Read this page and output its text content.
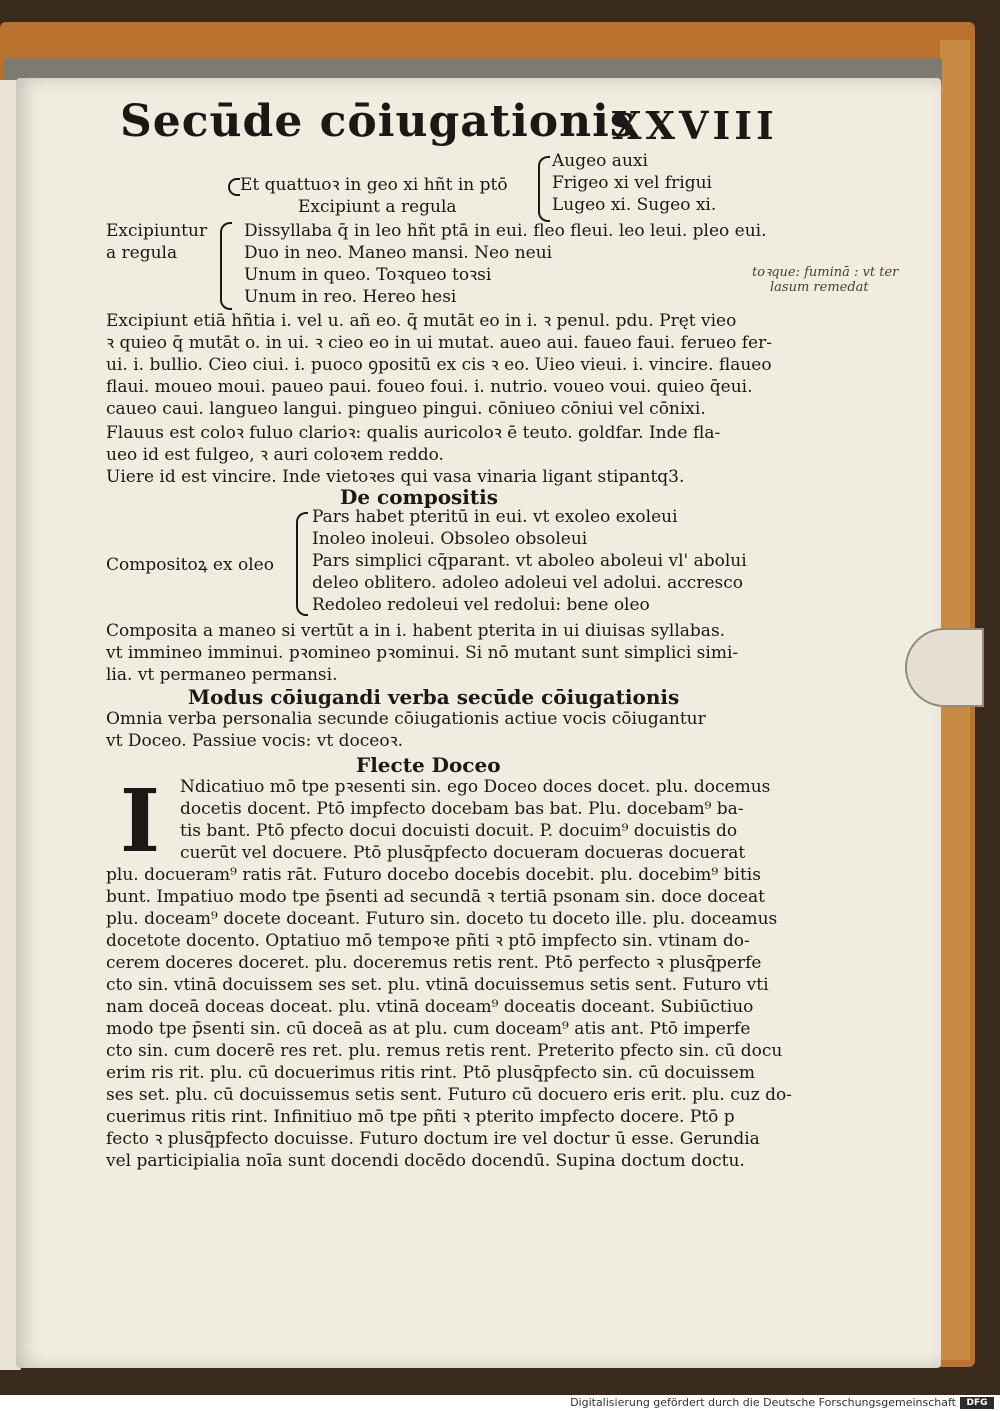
Secūde cōiugationis
XXVIII
Augeo auxi
Frigeo xi vel frigui
Lugeo xi. Sugeo xi.
Et quattuoꝛ in geo xi hñt in ptō
Excipiunt a regula
Excipiuntur
a regula
Dissyllaba q̄ in leo hñt ptā in eui. fleo fleui. leo leui. pleo eui.
Duo in neo. Maneo mansi. Neo neui
Unum in queo. Toꝛqueo toꝛsi
Unum in reo. Hereo hesi
toꝛque: fuminā : vt ter
lasum remedat
Excipiunt etiā hñtia i. vel u. añ eo. q̄ mutāt eo in i. ꝛ penul. pdu. Pręt vieo
ꝛ quieo q̄ mutāt o. in ui. ꝛ cieo eo in ui mutat. aueo aui. faueo faui. ferueo fer-
ui. i. bullio. Cieo ciui. i. puoco ꝯpositū ex cis ꝛ eo. Uieo vieui. i. vincire. flaueo
flaui. moueo moui. paueo paui. foueo foui. i. nutrio. voueo voui. quieo q̄eui.
caueo caui. langueo langui. pingueo pingui. cōniueo cōniui vel cōnixi.
Flauus est coloꝛ fuluo clarioꝛ: qualis auricoloꝛ ē teuto. goldfar. Inde fla-
ueo id est fulgeo, ꝛ auri coloꝛem reddo.
Uiere id est vincire. Inde vietoꝛes qui vasa vinaria ligant stipantq3.
De compositis
Compositoꝝ ex oleo
Pars habet pteritū in eui. vt exoleo exoleui
Inoleo inoleui. Obsoleo obsoleui
Pars simplici cq̄parant. vt aboleo aboleui vl' abolui
deleo oblitero. adoleo adoleui vel adolui. accresco
Redoleo redoleui vel redolui: bene oleo
Composita a maneo si vertūt a in i. habent pterita in ui diuisas syllabas.
vt immineo imminui. pꝛomineo pꝛominui. Si nō mutant sunt simplici simi-
lia. vt permaneo permansi.
Modus cōiugandi verba secūde cōiugationis
Omnia verba personalia secunde cōiugationis actiue vocis cōiugantur
vt Doceo. Passiue vocis: vt doceoꝛ.
Flecte Doceo
I	Ndicatiuo mō tpe pꝛesenti sin. ego Doceo doces docet. plu. docemus
docetis docent. Ptō impfecto docebam bas bat. Plu. docebam⁹ ba-
tis bant. Ptō pfecto docui docuisti docuit. P. docuim⁹ docuistis do
cuerūt vel docuere. Ptō plusq̄pfecto docueram docueras docuerat
plu. docueram⁹ ratis rāt. Futuro docebo docebis docebit. plu. docebim⁹ bitis
bunt. Impatiuo modo tpe p̄senti ad secundā ꝛ tertiā psonam sin. doce doceat
plu. doceam⁹ docete doceant. Futuro sin. doceto tu doceto ille. plu. doceamus
docetote docento. Optatiuo mō tempoꝛe pñti ꝛ ptō impfecto sin. vtinam do-
cerem doceres doceret. plu. doceremus retis rent. Ptō perfecto ꝛ plusq̄perfe
cto sin. vtinā docuissem ses set. plu. vtinā docuissemus setis sent. Futuro vti
nam doceā doceas doceat. plu. vtinā doceam⁹ doceatis doceant. Subiūctiuo
modo tpe p̄senti sin. cū doceā as at plu. cum doceam⁹ atis ant. Ptō imperfe
cto sin. cum docerē res ret. plu. remus retis rent. Preterito pfecto sin. cū docu
erim ris rit. plu. cū docuerimus ritis rint. Ptō plusq̄pfecto sin. cū docuissem
ses set. plu. cū docuissemus setis sent. Futuro cū docuero eris erit. plu. cuz do-
cuerimus ritis rint. Infinitiuo mō tpe pñti ꝛ pterito impfecto docere. Ptō p
fecto ꝛ plusq̄pfecto docuisse. Futuro doctum ire vel doctur ū esse. Gerundia
vel participialia noīa sunt docendi docēdo docendū. Supina doctum doctu.
Digitalisierung gefördert durch die Deutsche Forschungsgemeinschaft	DFG
